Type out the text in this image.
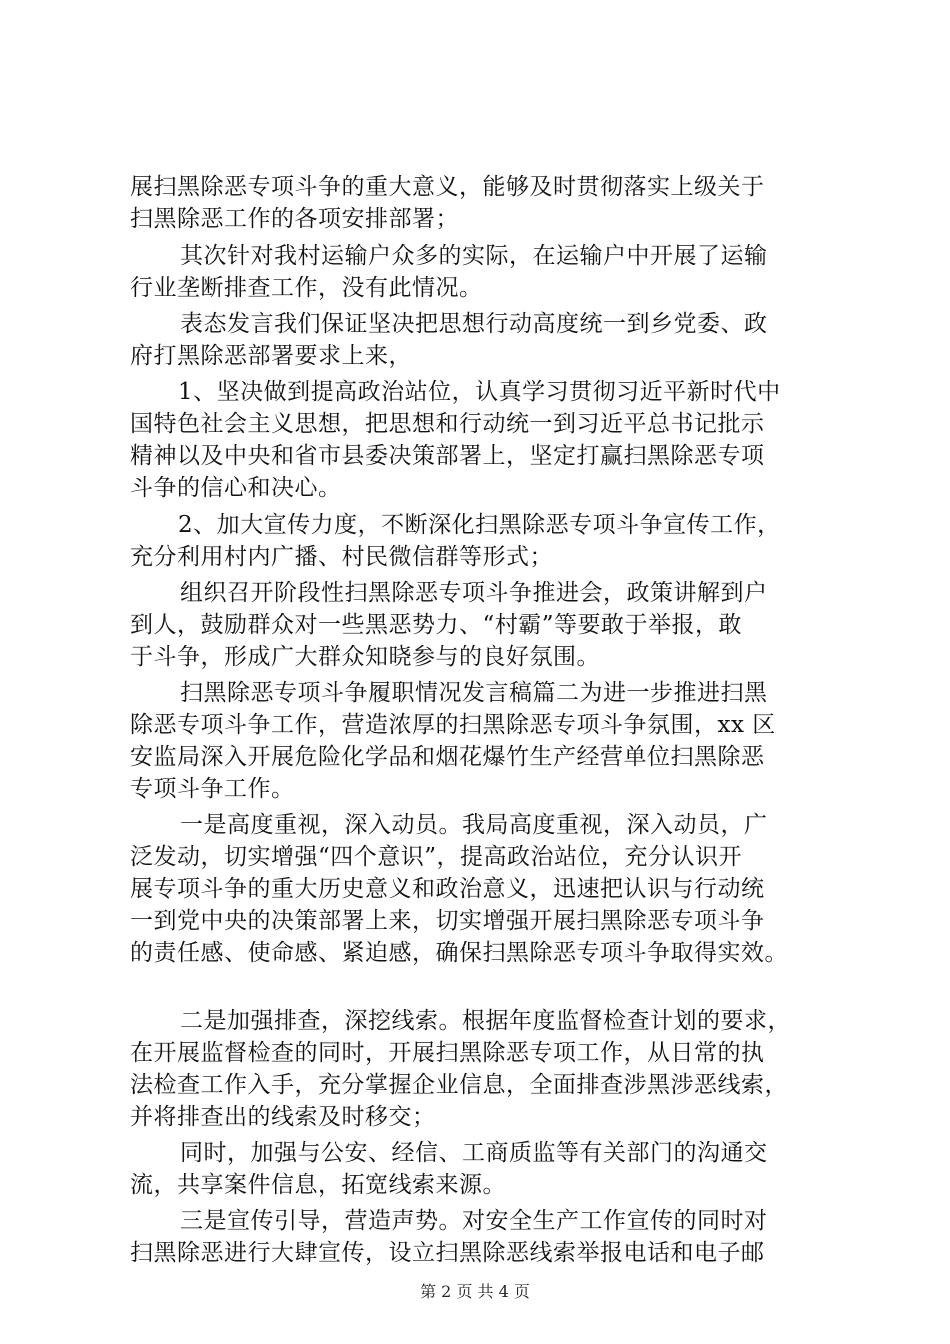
展扫黑除恶专项斗争的重大意义，能够及时贯彻落实上级关于
扫黑除恶工作的各项安排部署；
其次针对我村运输户众多的实际，在运输户中开展了运输
行业垄断排查工作，没有此情况。
表态发言我们保证坚决把思想行动高度统一到乡党委、政
府打黑除恶部署要求上来，
1、坚决做到提高政治站位，认真学习贯彻习近平新时代中
国特色社会主义思想，把思想和行动统一到习近平总书记批示
精神以及中央和省市县委决策部署上，坚定打赢扫黑除恶专项
斗争的信心和决心。
2、加大宣传力度，不断深化扫黑除恶专项斗争宣传工作，
充分利用村内广播、村民微信群等形式；
组织召开阶段性扫黑除恶专项斗争推进会，政策讲解到户
到人，鼓励群众对一些黑恶势力、“村霸”等要敢于举报，敢
于斗争，形成广大群众知晓参与的良好氛围。
扫黑除恶专项斗争履职情况发言稿篇二为进一步推进扫黑
除恶专项斗争工作，营造浓厚的扫黑除恶专项斗争氛围，xx 区
安监局深入开展危险化学品和烟花爆竹生产经营单位扫黑除恶
专项斗争工作。
一是高度重视，深入动员。我局高度重视，深入动员，广
泛发动，切实增强“四个意识”，提高政治站位，充分认识开
展专项斗争的重大历史意义和政治意义，迅速把认识与行动统
一到党中央的决策部署上来，切实增强开展扫黑除恶专项斗争
的责任感、使命感、紧迫感，确保扫黑除恶专项斗争取得实效。
二是加强排查，深挖线索。根据年度监督检查计划的要求，
在开展监督检查的同时，开展扫黑除恶专项工作，从日常的执
法检查工作入手，充分掌握企业信息，全面排查涉黑涉恶线索，
并将排查出的线索及时移交；
同时，加强与公安、经信、工商质监等有关部门的沟通交
流，共享案件信息，拓宽线索来源。
三是宣传引导，营造声势。对安全生产工作宣传的同时对
扫黑除恶进行大肆宣传，设立扫黑除恶线索举报电话和电子邮
第 2 页 共 4 页
